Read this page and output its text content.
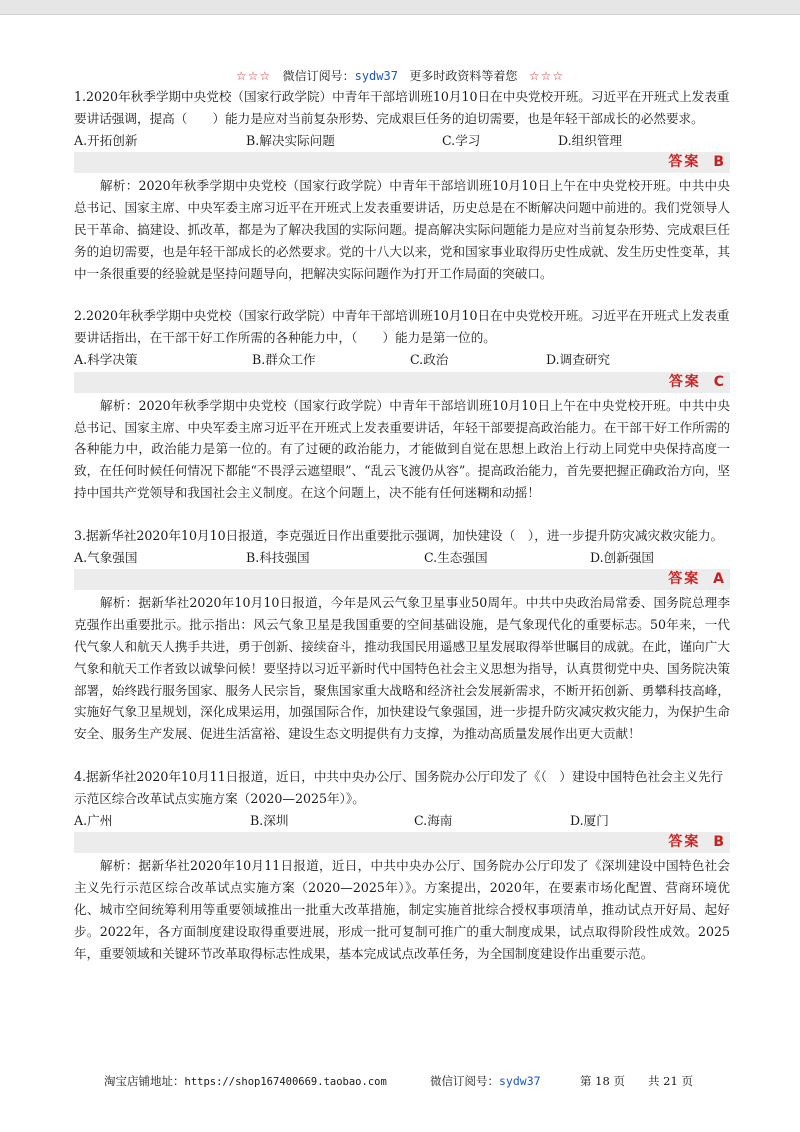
☆☆☆ 微信订阅号：sydw37 更多时政资料等着您 ☆☆☆

1.2020年秋季学期中央党校（国家行政学院）中青年干部培训班10月10日在中央党校开班。习近平在开班式上发表重要讲话强调，提高（　　）能力是应对当前复杂形势、完成艰巨任务的迫切需要，也是年轻干部成长的必然要求。

A.开拓创新	B.解决实际问题	C.学习	D.组织管理
答案 B

解析：2020年秋季学期中央党校（国家行政学院）中青年干部培训班10月10日上午在中央党校开班。中共中央总书记、国家主席、中央军委主席习近平在开班式上发表重要讲话，历史总是在不断解决问题中前进的。我们党领导人民干革命、搞建设、抓改革，都是为了解决我国的实际问题。提高解决实际问题能力是应对当前复杂形势、完成艰巨任务的迫切需要，也是年轻干部成长的必然要求。党的十八大以来，党和国家事业取得历史性成就、发生历史性变革，其中一条很重要的经验就是坚持问题导向，把解决实际问题作为打开工作局面的突破口。

2.2020年秋季学期中央党校（国家行政学院）中青年干部培训班10月10日在中央党校开班。习近平在开班式上发表重要讲话指出，在干部干好工作所需的各种能力中，（　　）能力是第一位的。

A.科学决策	B.群众工作	C.政治	D.调查研究
答案 C

解析：2020年秋季学期中央党校（国家行政学院）中青年干部培训班10月10日上午在中央党校开班。中共中央总书记、国家主席、中央军委主席习近平在开班式上发表重要讲话，年轻干部要提高政治能力。在干部干好工作所需的各种能力中，政治能力是第一位的。有了过硬的政治能力，才能做到自觉在思想上政治上行动上同党中央保持高度一致，在任何时候任何情况下都能“不畏浮云遮望眼”、“乱云飞渡仍从容”。提高政治能力，首先要把握正确政治方向，坚持中国共产党领导和我国社会主义制度。在这个问题上，决不能有任何迷糊和动摇！

3.据新华社2020年10月10日报道，李克强近日作出重要批示强调，加快建设（　），进一步提升防灾减灾救灾能力。

A.气象强国	B.科技强国	C.生态强国	D.创新强国
答案 A

解析：据新华社2020年10月10日报道，今年是风云气象卫星事业50周年。中共中央政治局常委、国务院总理李克强作出重要批示。批示指出：风云气象卫星是我国重要的空间基础设施，是气象现代化的重要标志。50年来，一代代气象人和航天人携手共进，勇于创新、接续奋斗，推动我国民用遥感卫星发展取得举世瞩目的成就。在此，谨向广大气象和航天工作者致以诚挚问候！要坚持以习近平新时代中国特色社会主义思想为指导，认真贯彻党中央、国务院决策部署，始终践行服务国家、服务人民宗旨，聚焦国家重大战略和经济社会发展新需求，不断开拓创新、勇攀科技高峰，实施好气象卫星规划，深化成果运用，加强国际合作，加快建设气象强国，进一步提升防灾减灾救灾能力，为保护生命安全、服务生产发展、促进生活富裕、建设生态文明提供有力支撑，为推动高质量发展作出更大贡献！

4.据新华社2020年10月11日报道，近日，中共中央办公厅、国务院办公厅印发了《（　）建设中国特色社会主义先行示范区综合改革试点实施方案（2020—2025年）》。

A.广州	B.深圳	C.海南	D.厦门
答案 B

解析：据新华社2020年10月11日报道，近日，中共中央办公厅、国务院办公厅印发了《深圳建设中国特色社会主义先行示范区综合改革试点实施方案（2020—2025年）》。方案提出，2020年，在要素市场化配置、营商环境优化、城市空间统筹利用等重要领域推出一批重大改革措施，制定实施首批综合授权事项清单，推动试点开好局、起好步。2022年，各方面制度建设取得重要进展，形成一批可复制可推广的重大制度成果，试点取得阶段性成效。2025年，重要领域和关键环节改革取得标志性成果，基本完成试点改革任务，为全国制度建设作出重要示范。

淘宝店铺地址：https://shop167400669.taobao.com	微信订阅号：sydw37	第 18 页 共 21 页
